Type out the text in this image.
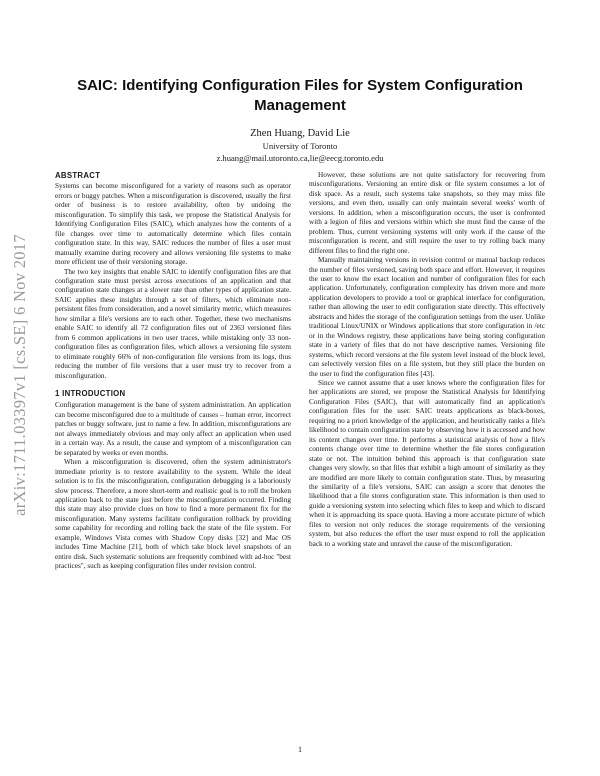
arXiv:1711.03397v1 [cs.SE] 6 Nov 2017
SAIC: Identifying Configuration Files for System Configuration Management
Zhen Huang, David Lie
University of Toronto
z.huang@mail.utoronto.ca,lie@eecg.toronto.edu
ABSTRACT

Systems can become misconfigured for a variety of reasons such as operator errors or buggy patches. When a misconfiguration is discovered, usually the first order of business is to restore availability, often by undoing the misconfiguration. To simplify this task, we propose the Statistical Analysis for Identifying Configuration Files (SAIC), which analyzes how the contents of a file changes over time to automatically determine which files contain configuration state. In this way, SAIC reduces the number of files a user must manually examine during recovery and allows versioning file systems to make more efficient use of their versioning storage.

The two key insights that enable SAIC to identify configuration files are that configuration state must persist across executions of an application and that configuration state changes at a slower rate than other types of application state. SAIC applies these insights through a set of filters, which eliminate non-persistent files from consideration, and a novel similarity metric, which measures how similar a file's versions are to each other. Together, these two mechanisms enable SAIC to identify all 72 configuration files out of 2363 versioned files from 6 common applications in two user traces, while mistaking only 33 non-configuration files as configuration files, which allows a versioning file system to eliminate roughly 66% of non-configuration file versions from its logs, thus reducing the number of file versions that a user must try to recover from a misconfiguration.

1 INTRODUCTION

Configuration management is the bane of system administration. An application can become misconfigured due to a multitude of causes – human error, incorrect patches or buggy software, just to name a few. In addition, misconfigurations are not always immediately obvious and may only affect an application when used in a certain way. As a result, the cause and symptom of a misconfiguration can be separated by weeks or even months.

When a misconfiguration is discovered, often the system administrator's immediate priority is to restore availability to the system. While the ideal solution is to fix the misconfiguration, configuration debugging is a laboriously slow process. Therefore, a more short-term and realistic goal is to roll the broken application back to the state just before the misconfiguration occurred. Finding this state may also provide clues on how to find a more permanent fix for the misconfiguration. Many systems facilitate configuration rollback by providing some capability for recording and rolling back the state of the file system. For example, Windows Vista comes with Shadow Copy disks [32] and Mac OS includes Time Machine [21], both of which take block level snapshots of an entire disk. Such systematic solutions are frequently combined with ad-hoc "best practices", such as keeping configuration files under revision control.

However, these solutions are not quite satisfactory for recovering from misconfigurations. Versioning an entire disk or file system consumes a lot of disk space. As a result, such systems take snapshots, so they may miss file versions, and even then, usually can only maintain several weeks' worth of versions. In addition, when a misconfiguration occurs, the user is confronted with a legion of files and versions within which she must find the cause of the problem. Thus, current versioning systems will only work if the cause of the misconfiguration is recent, and still require the user to try rolling back many different files to find the right one.

Manually maintaining versions in revision control or manual backup reduces the number of files versioned, saving both space and effort. However, it requires the user to know the exact location and number of configuration files for each application. Unfortunately, configuration complexity has driven more and more application developers to provide a tool or graphical interface for configuration, rather than allowing the user to edit configuration state directly. This effectively abstracts and hides the storage of the configuration settings from the user. Unlike traditional Linux/UNIX or Windows applications that store configuration in /etc or in the Windows registry, these applications have being storing configuration state in a variety of files that do not have descriptive names. Versioning file systems, which record versions at the file system level instead of the block level, can selectively version files on a file system, but they still place the burden on the user to find the configuration files [43].

Since we cannot assume that a user knows where the configuration files for her applications are stored, we propose the Statistical Analysis for Identifying Configuration Files (SAIC), that will automatically find an application's configuration files for the user. SAIC treats applications as black-boxes, requiring no a priori knowledge of the application, and heuristically ranks a file's likelihood to contain configuration state by observing how it is accessed and how its content changes over time. It performs a statistical analysis of how a file's contents change over time to determine whether the file stores configuration state or not. The intuition behind this approach is that configuration state changes very slowly, so that files that exhibit a high amount of similarity as they are modified are more likely to contain configuration state. Thus, by measuring the similarity of a file's versions, SAIC can assign a score that denotes the likelihood that a file stores configuration state. This information is then used to guide a versioning system into selecting which files to keep and which to discard when it is approaching its space quota. Having a more accurate picture of which files to version not only reduces the storage requirements of the versioning system, but also reduces the effort the user must expend to roll the application back to a working state and unravel the cause of the misconfiguration.

1
